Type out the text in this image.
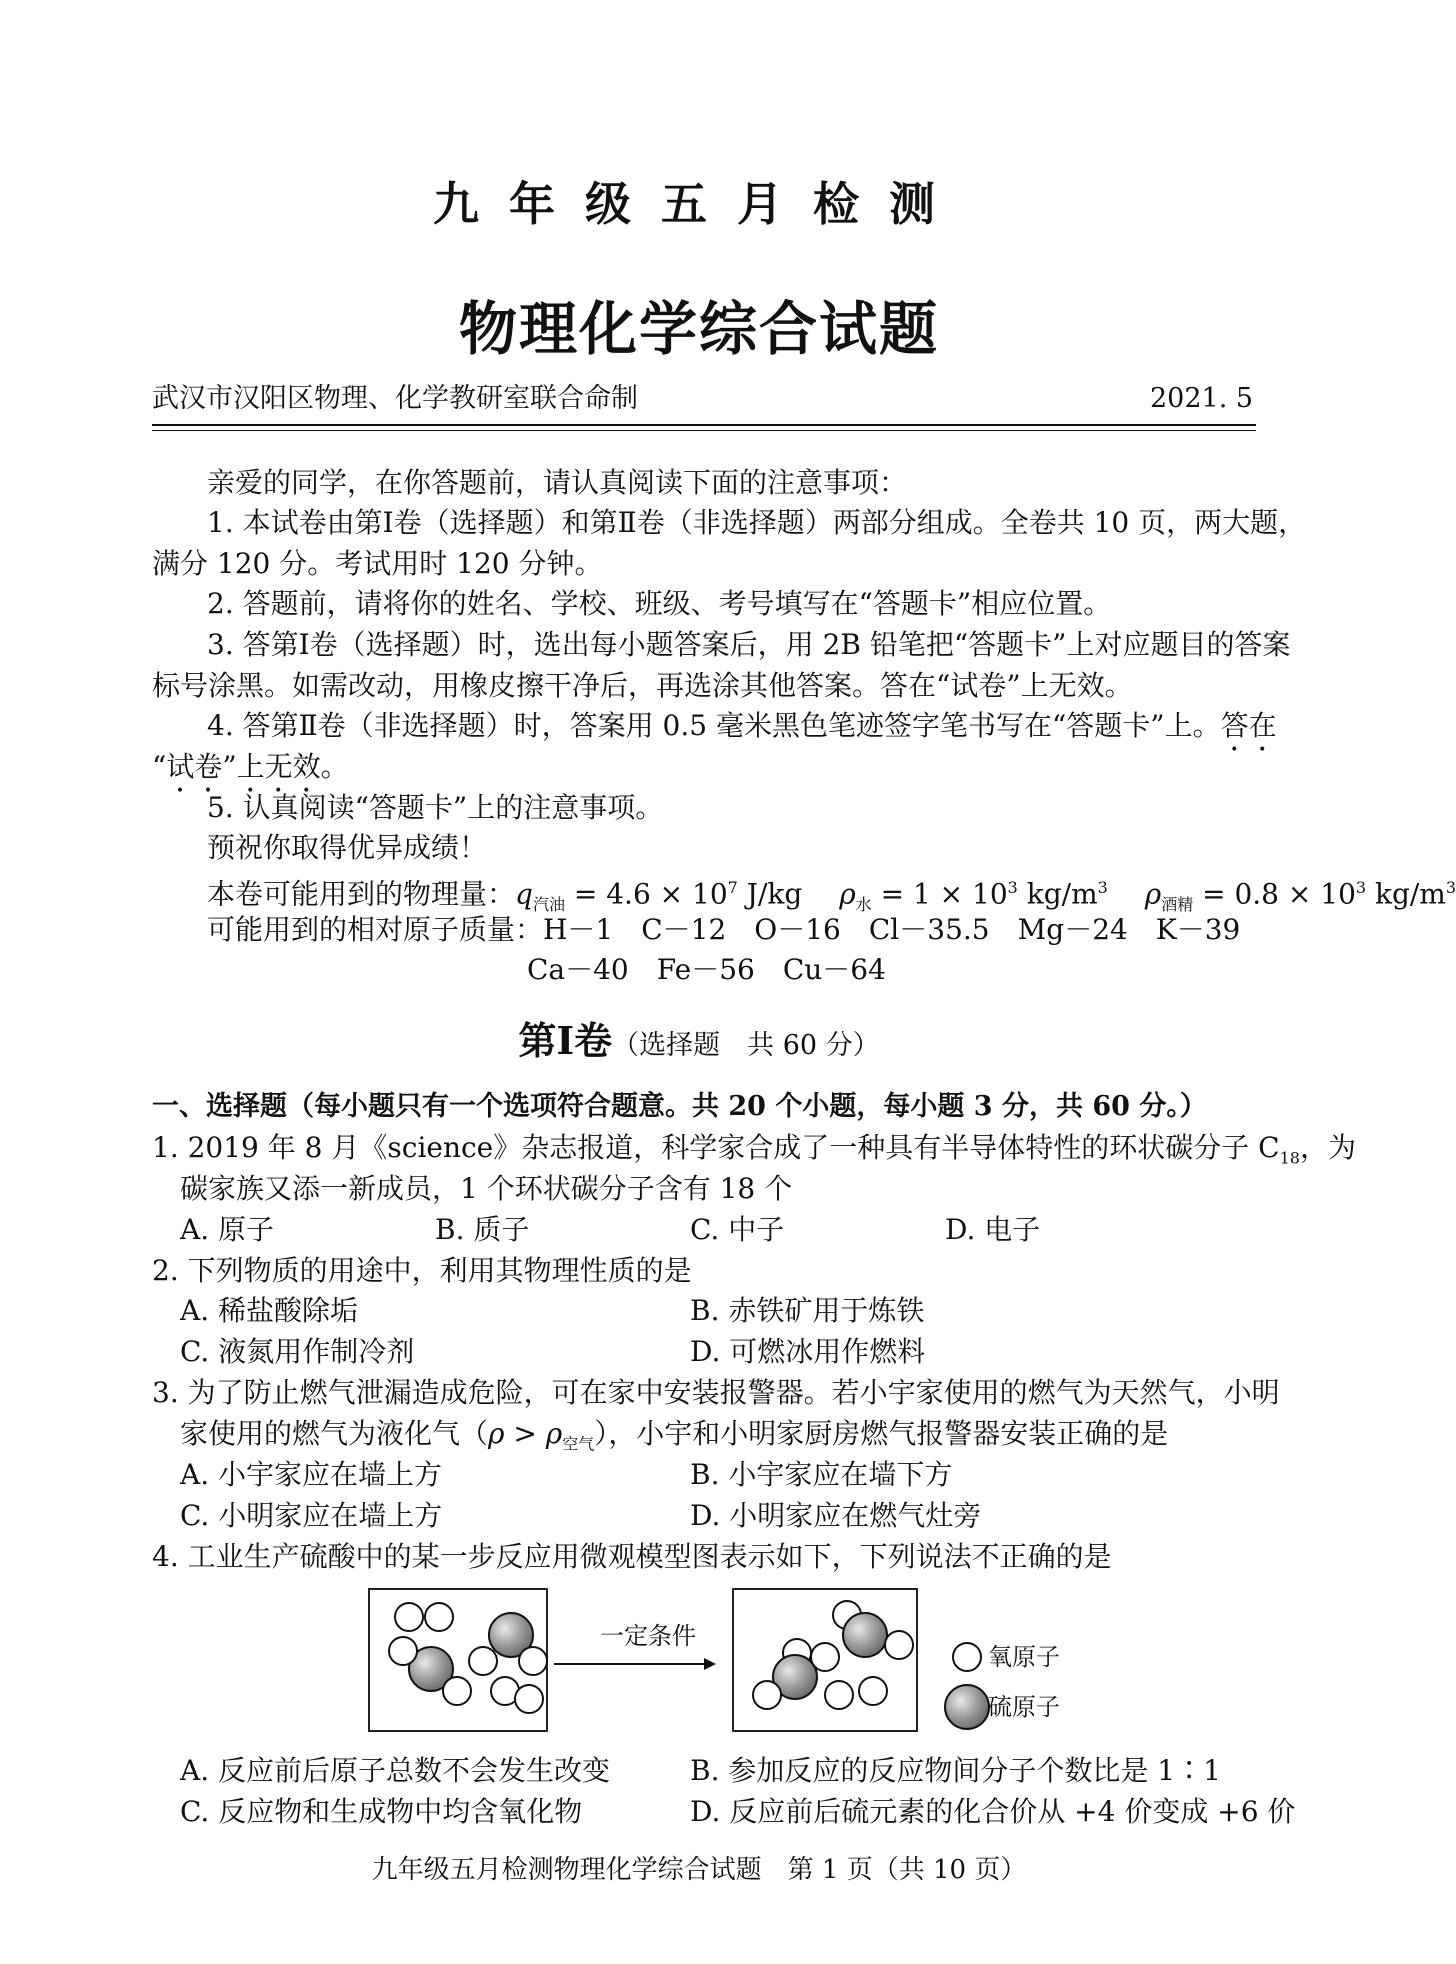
九年级五月检测
物理化学综合试题
武汉市汉阳区物理、化学教研室联合命制	2021. 5
亲爱的同学，在你答题前，请认真阅读下面的注意事项：
1. 本试卷由第Ⅰ卷（选择题）和第Ⅱ卷（非选择题）两部分组成。全卷共 10 页，两大题，
满分 120 分。考试用时 120 分钟。
2. 答题前，请将你的姓名、学校、班级、考号填写在“答题卡”相应位置。
3. 答第Ⅰ卷（选择题）时，选出每小题答案后，用 2B 铅笔把“答题卡”上对应题目的答案
标号涂黑。如需改动，用橡皮擦干净后，再选涂其他答案。答在“试卷”上无效。
4. 答第Ⅱ卷（非选择题）时，答案用 0.5 毫米黑色笔迹签字笔书写在“答题卡”上。答在
“试卷”上无效。
5. 认真阅读“答题卡”上的注意事项。
预祝你取得优异成绩！
本卷可能用到的物理量：$q_{汽油} = 4.6 \times 10^7$ J/kg　 $\rho_水 = 1 \times 10^3$ $kg/m^3$　 $\rho_{酒精} = 0.8 \times 10^3$ $kg/m^3$
可能用到的相对原子质量：H－1　C－12　O－16　Cl－35.5　Mg－24　K－39
Ca－40　Fe－56　Cu－64
第Ⅰ卷（选择题　共 60 分）
一、选择题（每小题只有一个选项符合题意。共 20 个小题，每小题 3 分，共 60 分。）
1. 2019 年 8 月《science》杂志报道，科学家合成了一种具有半导体特性的环状碳分子 $C_{18}$，为
碳家族又添一新成员，1 个环状碳分子含有 18 个
A. 原子	B. 质子	C. 中子	D. 电子
2. 下列物质的用途中，利用其物理性质的是
A. 稀盐酸除垢	B. 赤铁矿用于炼铁
C. 液氮用作制冷剂	D. 可燃冰用作燃料
3. 为了防止燃气泄漏造成危险，可在家中安装报警器。若小宇家使用的燃气为天然气，小明
家使用的燃气为液化气$(\rho > \rho_{空气})$，小宇和小明家厨房燃气报警器安装正确的是
A. 小宇家应在墙上方	B. 小宇家应在墙下方
C. 小明家应在墙上方	D. 小明家应在燃气灶旁
4. 工业生产硫酸中的某一步反应用微观模型图表示如下，下列说法不正确的是
一定条件
氧原子
硫原子
A. 反应前后原子总数不会发生改变	B. 参加反应的反应物间分子个数比是 1∶1
C. 反应物和生成物中均含氧化物	D. 反应前后硫元素的化合价从 +4 价变成 +6 价
九年级五月检测物理化学综合试题　第 1 页（共 10 页）
